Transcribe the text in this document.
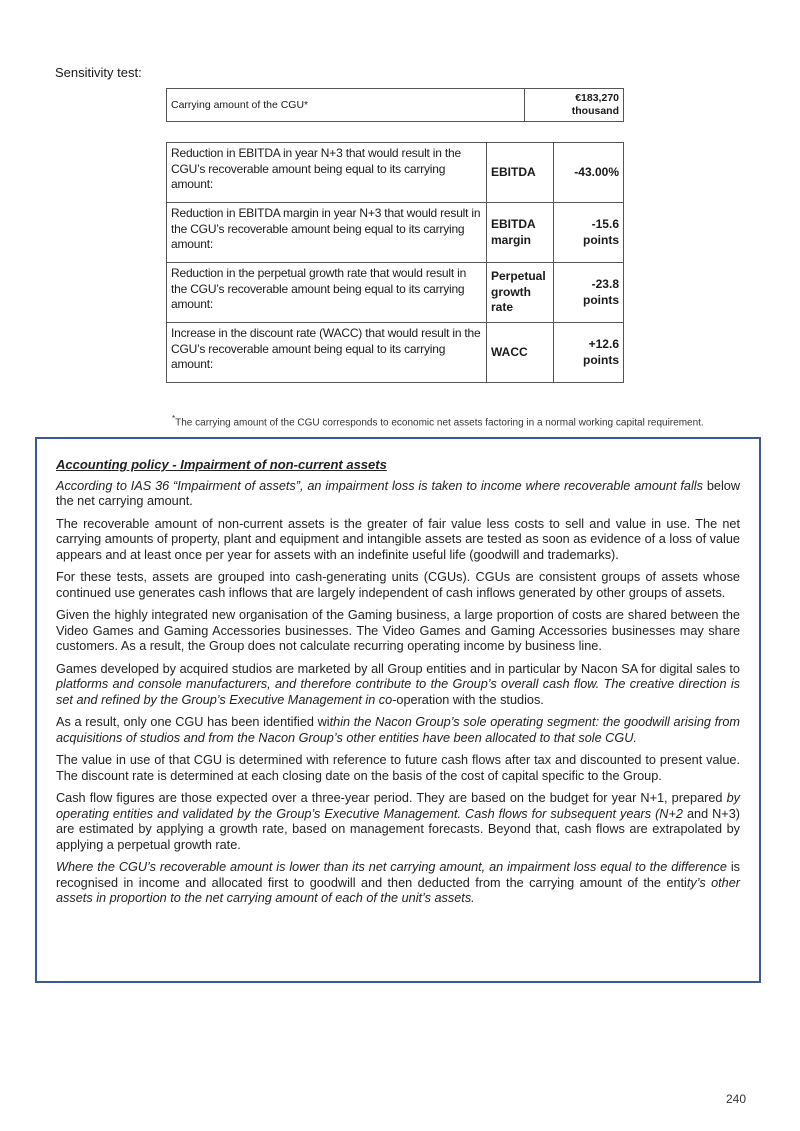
Sensitivity test:
Carrying amount of the CGU*	€183,270
thousand
Reduction in EBITDA in year N+3 that would result in the CGU’s recoverable amount being equal to its carrying amount:	EBITDA	-43.00%
Reduction in EBITDA margin in year N+3 that would result in the CGU’s recoverable amount being equal to its carrying amount:	EBITDA margin	-15.6 points
Reduction in the perpetual growth rate that would result in the CGU’s recoverable amount being equal to its carrying amount:	Perpetual growth rate	-23.8 points
Increase in the discount rate (WACC) that would result in the CGU’s recoverable amount being equal to its carrying amount:	WACC	+12.6 points
*The carrying amount of the CGU corresponds to economic net assets factoring in a normal working capital requirement.
Accounting policy - Impairment of non-current assets

According to IAS 36 “Impairment of assets”, an impairment loss is taken to income where recoverable amount falls below the net carrying amount.

The recoverable amount of non-current assets is the greater of fair value less costs to sell and value in use. The net carrying amounts of property, plant and equipment and intangible assets are tested as soon as evidence of a loss of value appears and at least once per year for assets with an indefinite useful life (goodwill and trademarks).

For these tests, assets are grouped into cash-generating units (CGUs). CGUs are consistent groups of assets whose continued use generates cash inflows that are largely independent of cash inflows generated by other groups of assets.

Given the highly integrated new organisation of the Gaming business, a large proportion of costs are shared between the Video Games and Gaming Accessories businesses. The Video Games and Gaming Accessories businesses may share customers. As a result, the Group does not calculate recurring operating income by business line.

Games developed by acquired studios are marketed by all Group entities and in particular by Nacon SA for digital sales to platforms and console manufacturers, and therefore contribute to the Group’s overall cash flow. The creative direction is set and refined by the Group’s Executive Management in co-operation with the studios.

As a result, only one CGU has been identified within the Nacon Group’s sole operating segment: the goodwill arising from acquisitions of studios and from the Nacon Group’s other entities have been allocated to that sole CGU.

The value in use of that CGU is determined with reference to future cash flows after tax and discounted to present value. The discount rate is determined at each closing date on the basis of the cost of capital specific to the Group.

Cash flow figures are those expected over a three-year period. They are based on the budget for year N+1, prepared by operating entities and validated by the Group’s Executive Management. Cash flows for subsequent years (N+2 and N+3) are estimated by applying a growth rate, based on management forecasts. Beyond that, cash flows are extrapolated by applying a perpetual growth rate.

Where the CGU’s recoverable amount is lower than its net carrying amount, an impairment loss equal to the difference is recognised in income and allocated first to goodwill and then deducted from the carrying amount of the entity’s other assets in proportion to the net carrying amount of each of the unit’s assets.

240
